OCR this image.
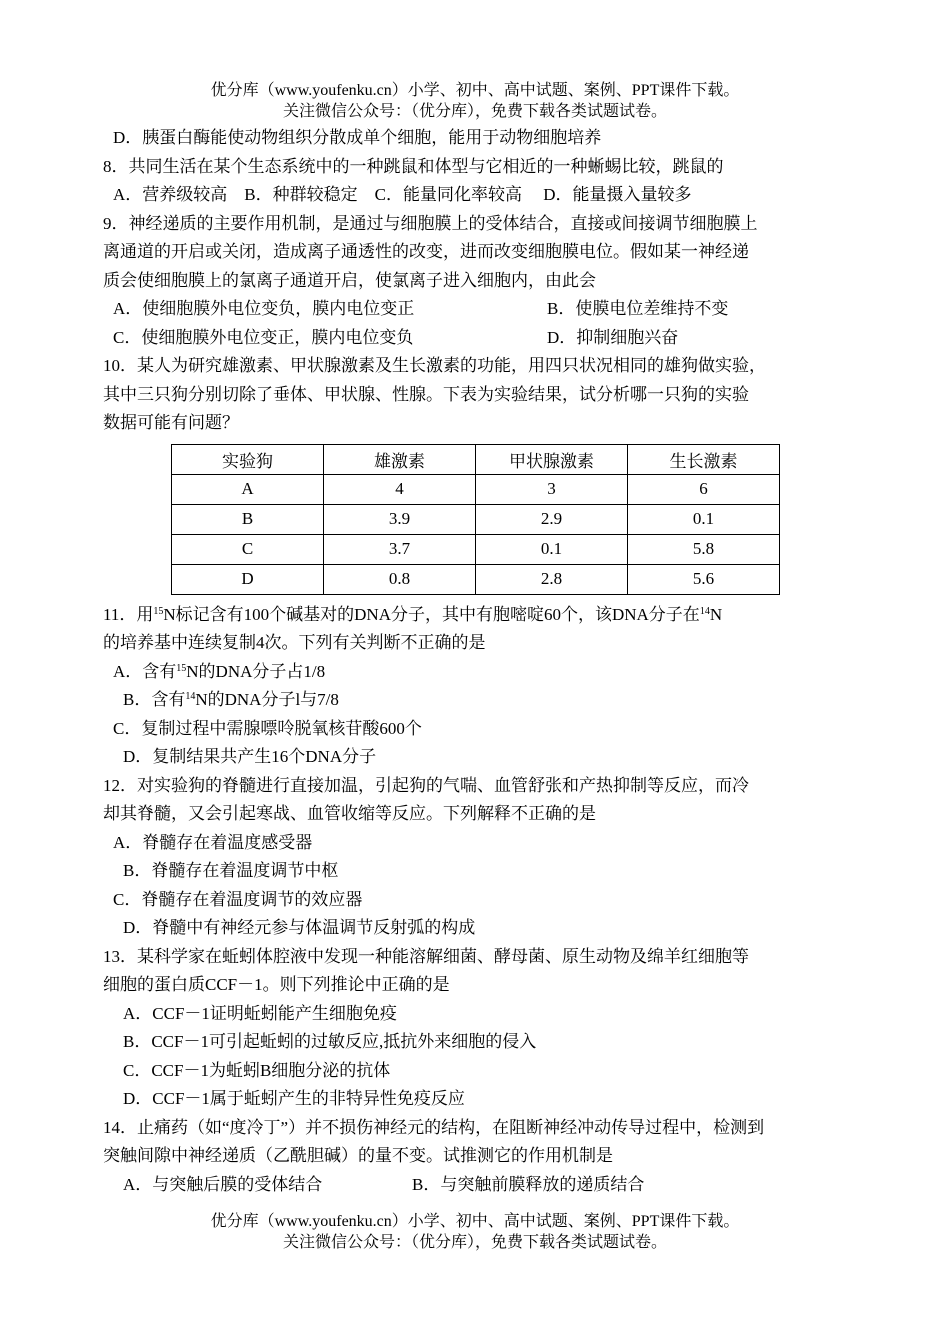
优分库（www.youfenku.cn）小学、初中、高中试题、案例、PPT课件下载。
关注微信公众号：（优分库），免费下载各类试题试卷。
D．胰蛋白酶能使动物组织分散成单个细胞，能用于动物细胞培养
8．共同生活在某个生态系统中的一种跳鼠和体型与它相近的一种蜥蜴比较，跳鼠的
A．营养级较高　B．种群较稳定　C．能量同化率较高　 D．能量摄入量较多
9．神经递质的主要作用机制，是通过与细胞膜上的受体结合，直接或间接调节细胞膜上
离通道的开启或关闭，造成离子通透性的改变，进而改变细胞膜电位。假如某一神经递
质会使细胞膜上的氯离子通道开启，使氯离子进入细胞内，由此会
A．使细胞膜外电位变负，膜内电位变正	B．使膜电位差维持不变
C．使细胞膜外电位变正，膜内电位变负	D．抑制细胞兴奋
10．某人为研究雄激素、甲状腺激素及生长激素的功能，用四只状况相同的雄狗做实验，
其中三只狗分别切除了垂体、甲状腺、性腺。下表为实验结果，试分析哪一只狗的实验
数据可能有问题？
实验狗	雄激素	甲状腺激素	生长激素
A	4	3	6
B	3.9	2.9	0.1
C	3.7	0.1	5.8
D	0.8	2.8	5.6
11．用$^{15}$N标记含有100个碱基对的DNA分子，其中有胞嘧啶60个，该DNA分子在$^{14}$N
的培养基中连续复制4次。下列有关判断不正确的是
A．含有$^{15}$N的DNA分子占1/8
B．含有$^{14}$N的DNA分子l与7/8
C．复制过程中需腺嘌呤脱氧核苷酸600个
D．复制结果共产生16个DNA分子
12．对实验狗的脊髓进行直接加温，引起狗的气喘、血管舒张和产热抑制等反应，而冷
却其脊髓，又会引起寒战、血管收缩等反应。下列解释不正确的是
A．脊髓存在着温度感受器
B．脊髓存在着温度调节中枢
C．脊髓存在着温度调节的效应器
D．脊髓中有神经元参与体温调节反射弧的构成
13．某科学家在蚯蚓体腔液中发现一种能溶解细菌、酵母菌、原生动物及绵羊红细胞等
细胞的蛋白质CCF－1。则下列推论中正确的是
A．CCF－1证明蚯蚓能产生细胞免疫
B．CCF－1可引起蚯蚓的过敏反应,抵抗外来细胞的侵入
C．CCF－1为蚯蚓B细胞分泌的抗体
D．CCF－1属于蚯蚓产生的非特异性免疫反应
14．止痛药（如“度冷丁”）并不损伤神经元的结构，在阻断神经冲动传导过程中，检测到
突触间隙中神经递质（乙酰胆碱）的量不变。试推测它的作用机制是
A．与突触后膜的受体结合	B．与突触前膜释放的递质结合
优分库（www.youfenku.cn）小学、初中、高中试题、案例、PPT课件下载。
关注微信公众号：（优分库），免费下载各类试题试卷。
